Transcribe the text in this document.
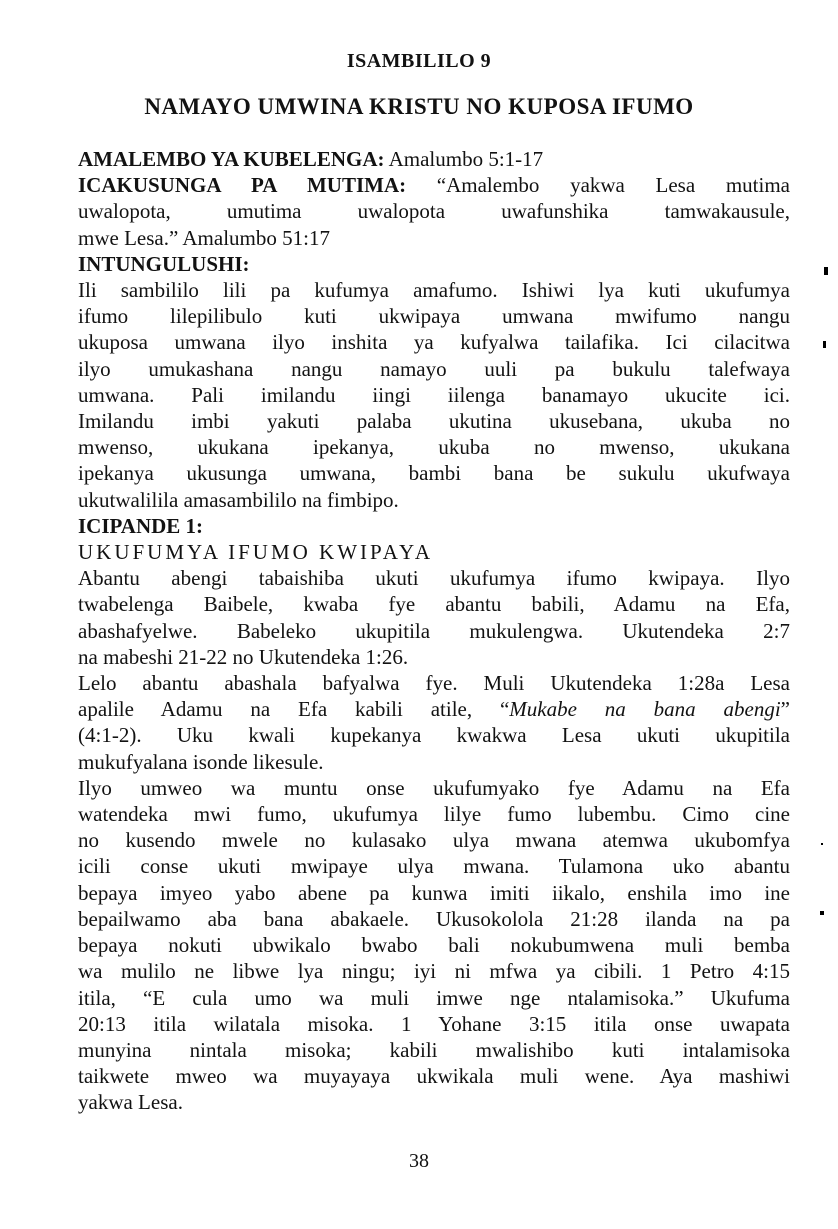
ISAMBILILO 9
NAMAYO UMWINA KRISTU NO KUPOSA IFUMO
AMALEMBO YA KUBELENGA: Amalumbo 5:1-17
ICAKUSUNGA PA MUTIMA: “Amalembo yakwa Lesa mutima
uwalopota, umutima uwalopota uwafunshika tamwakausule,
mwe Lesa.” Amalumbo 51:17
INTUNGULUSHI:
Ili sambililo lili pa kufumya amafumo. Ishiwi lya kuti ukufumya
ifumo lilepilibulo kuti ukwipaya umwana mwifumo nangu
ukuposa umwana ilyo inshita ya kufyalwa tailafika. Ici cilacitwa
ilyo umukashana nangu namayo uuli pa bukulu talefwaya
umwana. Pali imilandu iingi iilenga banamayo ukucite ici.
Imilandu imbi yakuti palaba ukutina ukusebana, ukuba no
mwenso, ukukana ipekanya, ukuba no mwenso, ukukana
ipekanya ukusunga umwana, bambi bana be sukulu ukufwaya
ukutwalilila amasambililo na fimbipo.
ICIPANDE 1:
UKUFUMYA IFUMO KWIPAYA
Abantu abengi tabaishiba ukuti ukufumya ifumo kwipaya. Ilyo
twabelenga Baibele, kwaba fye abantu babili, Adamu na Efa,
abashafyelwe. Babeleko ukupitila mukulengwa. Ukutendeka 2:7
na mabeshi 21-22 no Ukutendeka 1:26.
Lelo abantu abashala bafyalwa fye. Muli Ukutendeka 1:28a Lesa
apalile Adamu na Efa kabili atile, “Mukabe na bana abengi”
(4:1-2). Uku kwali kupekanya kwakwa Lesa ukuti ukupitila
mukufyalana isonde likesule.
Ilyo umweo wa muntu onse ukufumyako fye Adamu na Efa
watendeka mwi fumo, ukufumya lilye fumo lubembu. Cimo cine
no kusendo mwele no kulasako ulya mwana atemwa ukubomfya
icili conse ukuti mwipaye ulya mwana. Tulamona uko abantu
bepaya imyeo yabo abene pa kunwa imiti iikalo, enshila imo ine
bepailwamo aba bana abakaele. Ukusokolola 21:28 ilanda na pa
bepaya nokuti ubwikalo bwabo bali nokubumwena muli bemba
wa mulilo ne libwe lya ningu; iyi ni mfwa ya cibili. 1 Petro 4:15
itila, “E cula umo wa muli imwe nge ntalamisoka.” Ukufuma
20:13 itila wilatala misoka. 1 Yohane 3:15 itila onse uwapata
munyina nintala misoka; kabili mwalishibo kuti intalamisoka
taikwete mweo wa muyayaya ukwikala muli wene. Aya mashiwi
yakwa Lesa.
38
